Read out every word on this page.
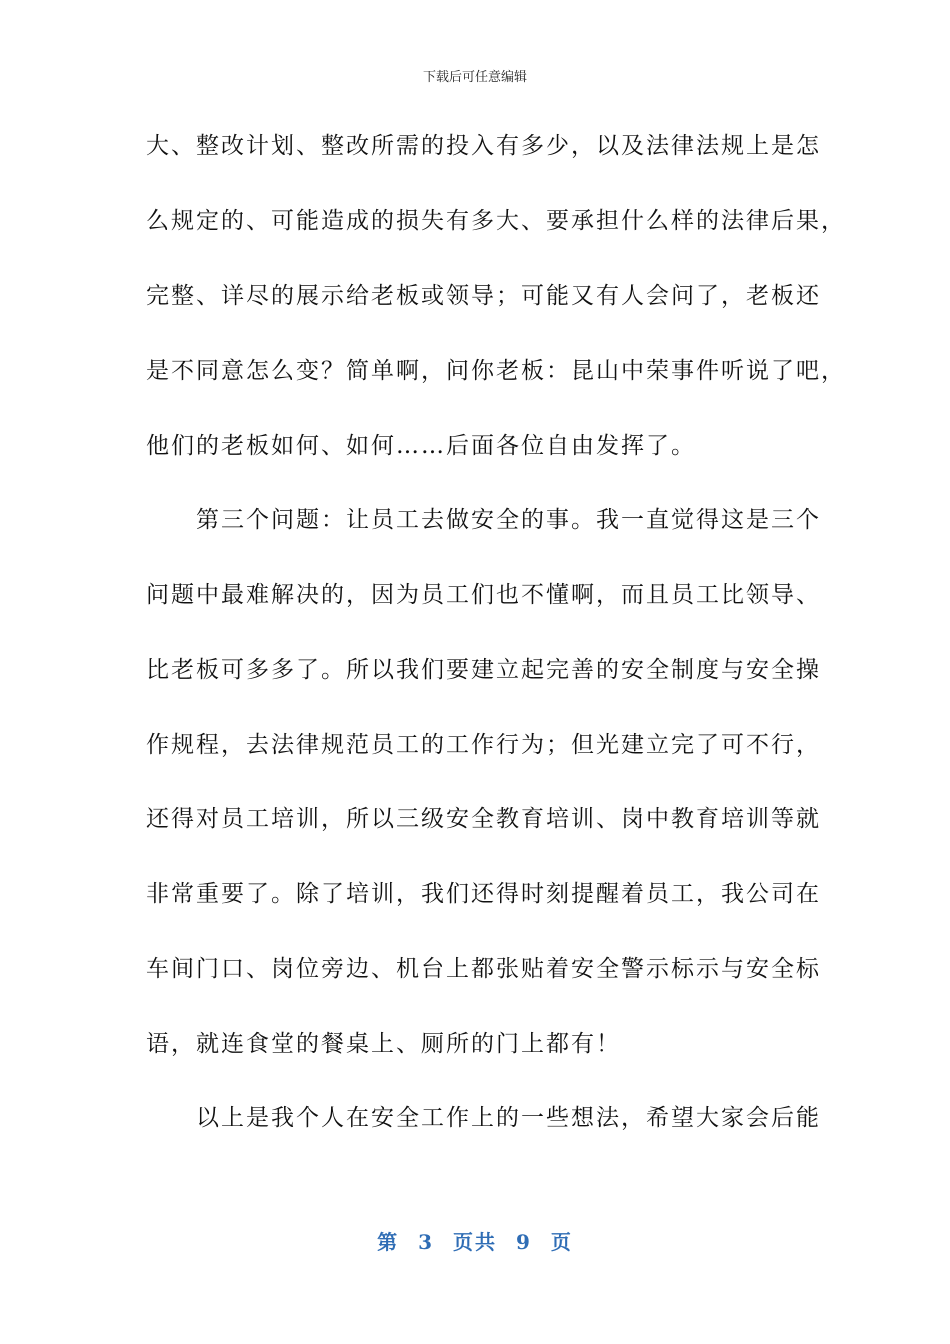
下载后可任意编辑
大、整改计划、整改所需的投入有多少，以及法律法规上是怎
么规定的、可能造成的损失有多大、要承担什么样的法律后果，
完整、详尽的展示给老板或领导；可能又有人会问了，老板还
是不同意怎么变？简单啊，问你老板：昆山中荣事件听说了吧，
他们的老板如何、如何……后面各位自由发挥了。
　　第三个问题：让员工去做安全的事。我一直觉得这是三个
问题中最难解决的，因为员工们也不懂啊，而且员工比领导、
比老板可多多了。所以我们要建立起完善的安全制度与安全操
作规程，去法律规范员工的工作行为；但光建立完了可不行，
还得对员工培训，所以三级安全教育培训、岗中教育培训等就
非常重要了。除了培训，我们还得时刻提醒着员工，我公司在
车间门口、岗位旁边、机台上都张贴着安全警示标示与安全标
语，就连食堂的餐桌上、厕所的门上都有！
　　以上是我个人在安全工作上的一些想法，希望大家会后能
第 3 页共 9 页
